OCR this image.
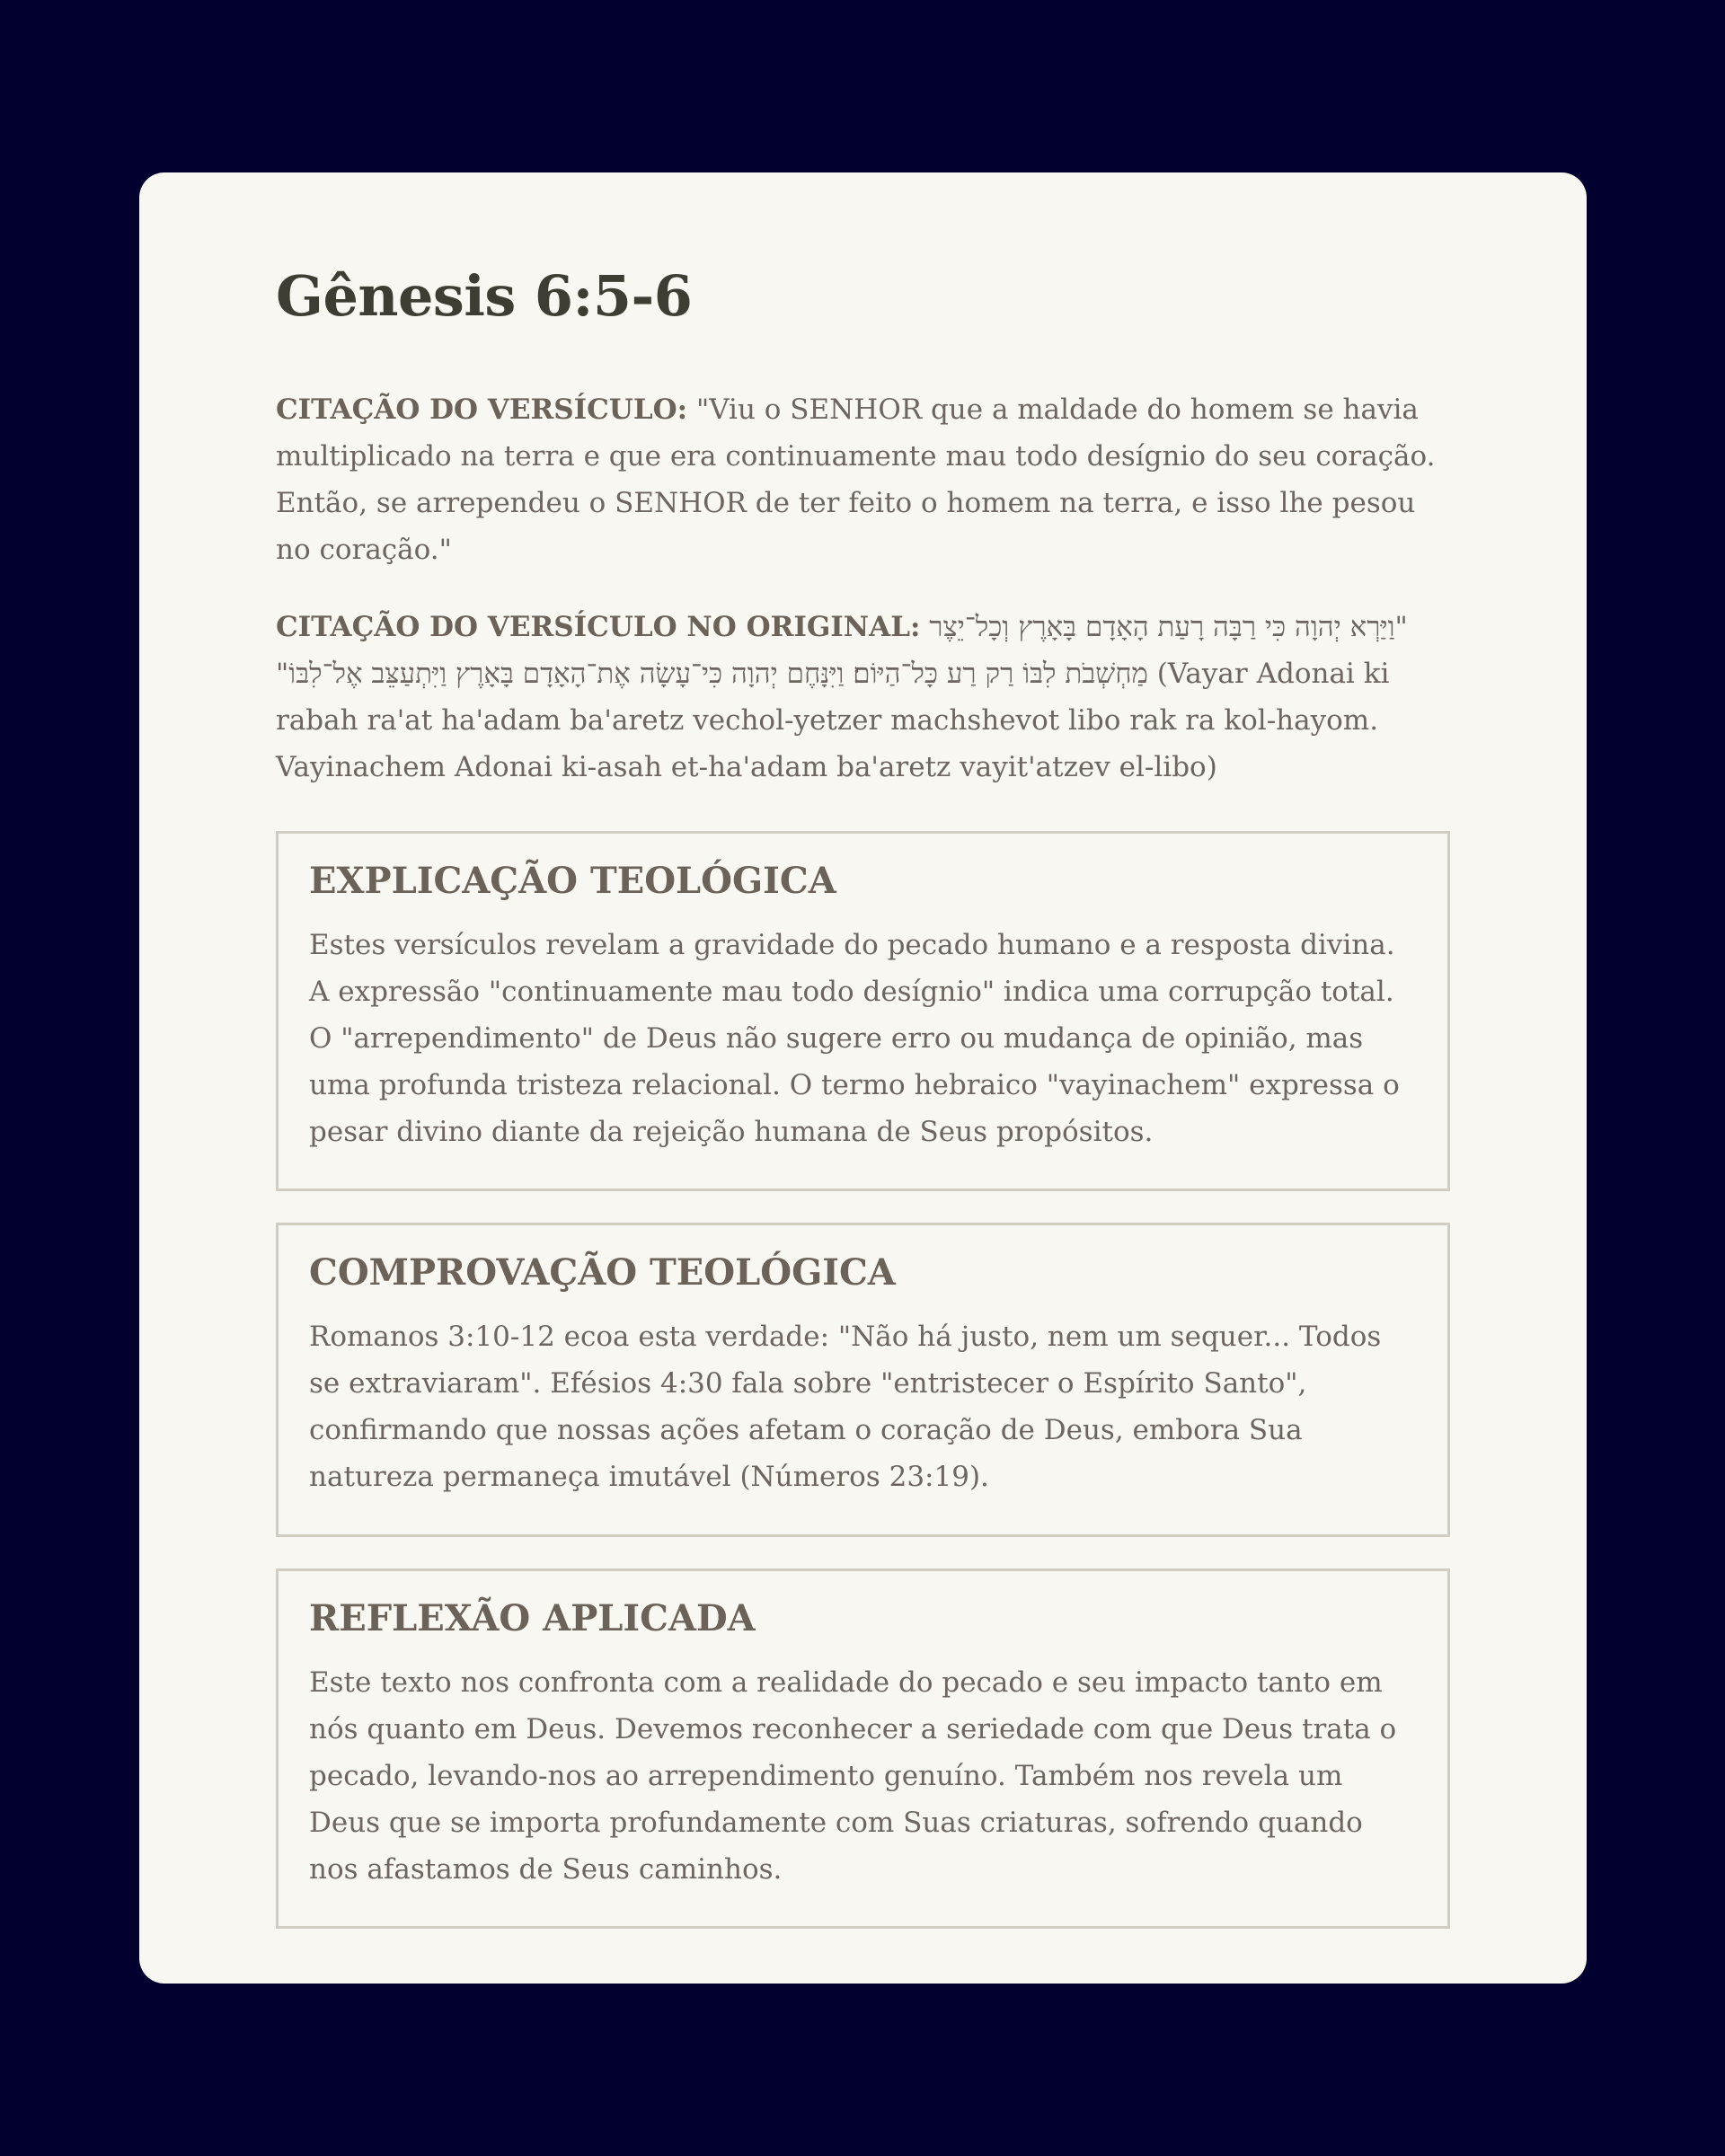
Gênesis 6:5-6

CITAÇÃO DO VERSÍCULO: "Viu o SENHOR que a maldade do homem se havia multiplicado na terra e que era continuamente mau todo desígnio do seu coração. Então, se arrependeu o SENHOR de ter feito o homem na terra, e isso lhe pesou no coração."

CITAÇÃO DO VERSÍCULO NO ORIGINAL: "וַיַּרְא יְהוָה כִּי רַבָּה רָעַת הָאָדָם בָּאָרֶץ וְכָל־יֵצֶר מַחְשְׁבֹת לִבּוֹ רַק רַע כָּל־הַיּוֹם׃ וַיִּנָּחֶם יְהוָה כִּי־עָשָׂה אֶת־הָאָדָם בָּאָרֶץ וַיִּתְעַצֵּב אֶל־לִבּוֹ" (Vayar Adonai ki rabah ra'at ha'adam ba'aretz vechol-yetzer machshevot libo rak ra kol-hayom. Vayinachem Adonai ki-asah et-ha'adam ba'aretz vayit'atzev el-libo)

EXPLICAÇÃO TEOLÓGICA

Estes versículos revelam a gravidade do pecado humano e a resposta divina. A expressão "continuamente mau todo desígnio" indica uma corrupção total. O "arrependimento" de Deus não sugere erro ou mudança de opinião, mas uma profunda tristeza relacional. O termo hebraico "vayinachem" expressa o pesar divino diante da rejeição humana de Seus propósitos.

COMPROVAÇÃO TEOLÓGICA

Romanos 3:10-12 ecoa esta verdade: "Não há justo, nem um sequer... Todos se extraviaram". Efésios 4:30 fala sobre "entristecer o Espírito Santo", confirmando que nossas ações afetam o coração de Deus, embora Sua natureza permaneça imutável (Números 23:19).

REFLEXÃO APLICADA

Este texto nos confronta com a realidade do pecado e seu impacto tanto em nós quanto em Deus. Devemos reconhecer a seriedade com que Deus trata o pecado, levando-nos ao arrependimento genuíno. Também nos revela um Deus que se importa profundamente com Suas criaturas, sofrendo quando nos afastamos de Seus caminhos.
